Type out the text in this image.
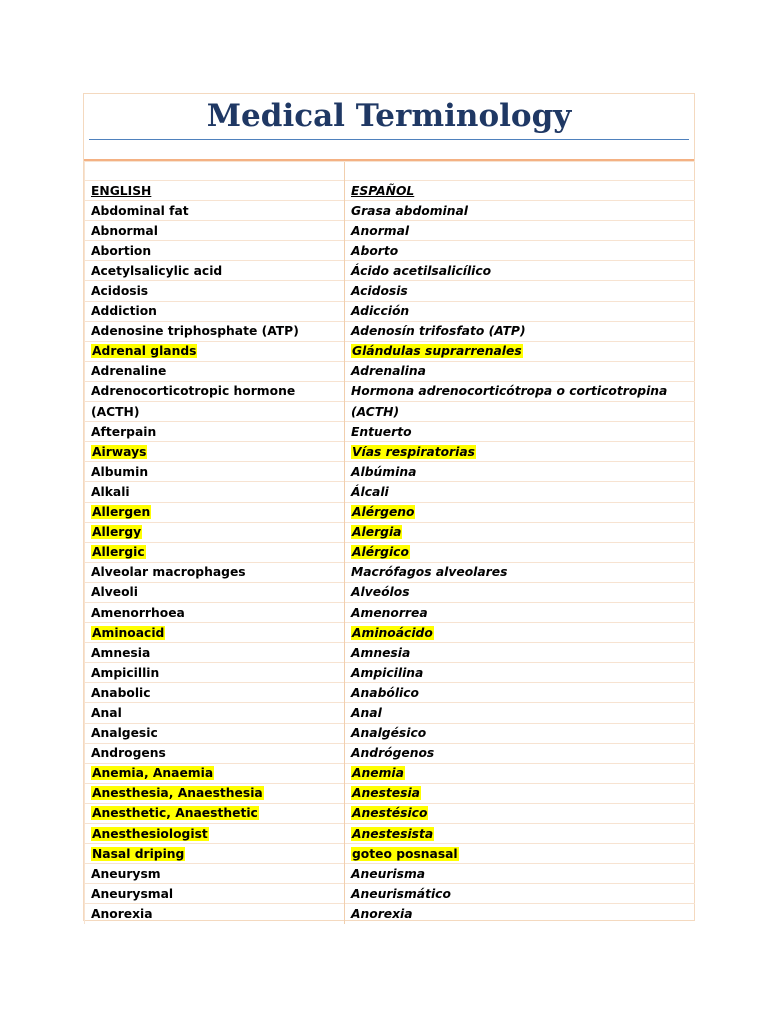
Medical Terminology

ENGLISH	ESPAÑOL
Abdominal fat	Grasa abdominal
Abnormal	Anormal
Abortion	Aborto
Acetylsalicylic acid	Ácido acetilsalicílico
Acidosis	Acidosis
Addiction	Adicción
Adenosine triphosphate (ATP)	Adenosín trifosfato (ATP)
Adrenal glands	Glándulas suprarrenales
Adrenaline	Adrenalina
Adrenocorticotropic hormone	Hormona adrenocorticótropa o corticotropina
(ACTH)	(ACTH)
Afterpain	Entuerto
Airways	Vías respiratorias
Albumin	Albúmina
Alkali	Álcali
Allergen	Alérgeno
Allergy	Alergia
Allergic	Alérgico
Alveolar macrophages	Macrófagos alveolares
Alveoli	Alveólos
Amenorrhoea	Amenorrea
Aminoacid	Aminoácido
Amnesia	Amnesia
Ampicillin	Ampicilina
Anabolic	Anabólico
Anal	Anal
Analgesic	Analgésico
Androgens	Andrógenos
Anemia, Anaemia	Anemia
Anesthesia, Anaesthesia	Anestesia
Anesthetic, Anaesthetic	Anestésico
Anesthesiologist	Anestesista
Nasal driping	goteo posnasal
Aneurysm	Aneurisma
Aneurysmal	Aneurismático
Anorexia	Anorexia
